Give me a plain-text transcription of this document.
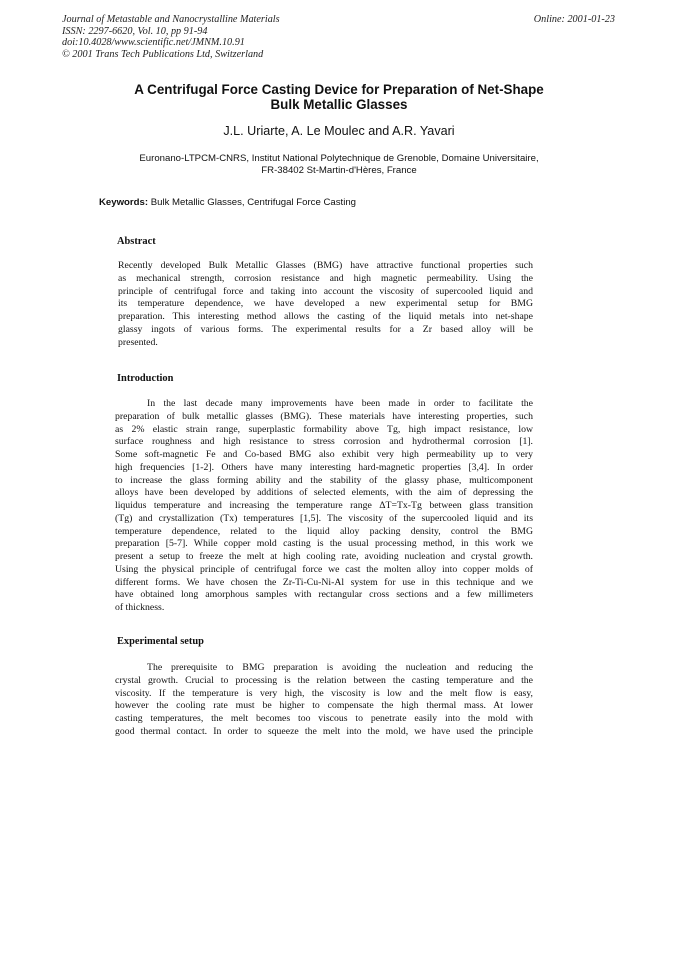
Journal of Metastable and Nanocrystalline Materials
ISSN: 2297-6620, Vol. 10, pp 91-94
doi:10.4028/www.scientific.net/JMNM.10.91
© 2001 Trans Tech Publications Ltd, Switzerland
Online: 2001-01-23
A Centrifugal Force Casting Device for Preparation of Net-Shape
Bulk Metallic Glasses
J.L. Uriarte, A. Le Moulec and A.R. Yavari
Euronano-LTPCM-CNRS, Institut National Polytechnique de Grenoble, Domaine Universitaire,
FR-38402 St-Martin-d'Hères, France
Keywords: Bulk Metallic Glasses, Centrifugal Force Casting
Abstract
Recently developed Bulk Metallic Glasses (BMG) have attractive functional properties such
as mechanical strength, corrosion resistance and high magnetic permeability. Using the
principle of centrifugal force and taking into account the viscosity of supercooled liquid and
its temperature dependence, we have developed a new experimental setup for BMG
preparation. This interesting method allows the casting of the liquid metals into net-shape
glassy ingots of various forms. The experimental results for a Zr based alloy will be
presented.
Introduction
In the last decade many improvements have been made in order to facilitate the
preparation of bulk metallic glasses (BMG). These materials have interesting properties, such
as 2% elastic strain range, superplastic formability above Tg, high impact resistance, low
surface roughness and high resistance to stress corrosion and hydrothermal corrosion [1].
Some soft-magnetic Fe and Co-based BMG also exhibit very high permeability up to very
high frequencies [1-2]. Others have many interesting hard-magnetic properties [3,4]. In order
to increase the glass forming ability and the stability of the glassy phase, multicomponent
alloys have been developed by additions of selected elements, with the aim of depressing the
liquidus temperature and increasing the temperature range ΔT=Tx-Tg between glass transition
(Tg) and crystallization (Tx) temperatures [1,5]. The viscosity of the supercooled liquid and its
temperature dependence, related to the liquid alloy packing density, control the BMG
preparation [5-7]. While copper mold casting is the usual processing method, in this work we
present a setup to freeze the melt at high cooling rate, avoiding nucleation and crystal growth.
Using the physical principle of centrifugal force we cast the molten alloy into copper molds of
different forms. We have chosen the Zr-Ti-Cu-Ni-Al system for use in this technique and we
have obtained long amorphous samples with rectangular cross sections and a few millimeters
of thickness.
Experimental setup
The prerequisite to BMG preparation is avoiding the nucleation and reducing the
crystal growth. Crucial to processing is the relation between the casting temperature and the
viscosity. If the temperature is very high, the viscosity is low and the melt flow is easy,
however the cooling rate must be higher to compensate the high thermal mass. At lower
casting temperatures, the melt becomes too viscous to penetrate easily into the mold with
good thermal contact. In order to squeeze the melt into the mold, we have used the principle
